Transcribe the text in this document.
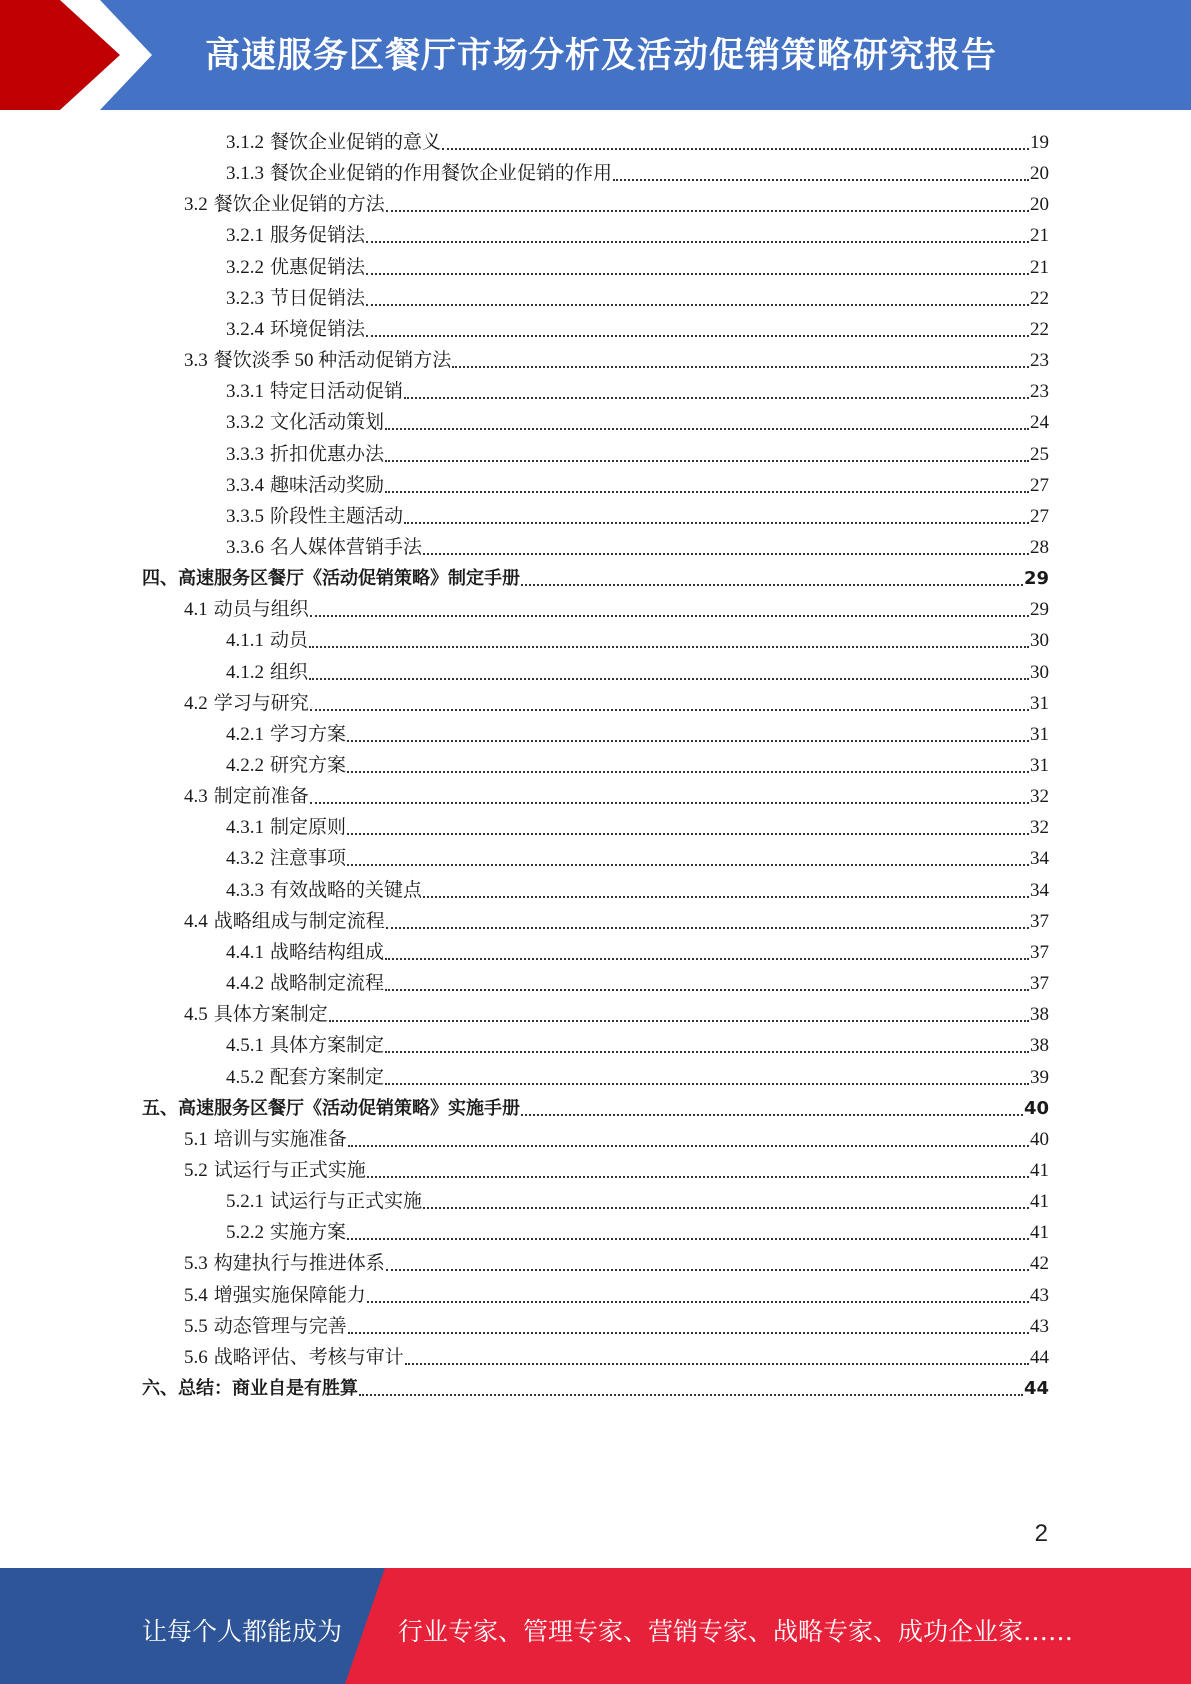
高速服务区餐厅市场分析及活动促销策略研究报告
3.1.2 餐饮企业促销的意义	19
3.1.3 餐饮企业促销的作用餐饮企业促销的作用	20
3.2 餐饮企业促销的方法	20
3.2.1 服务促销法	21
3.2.2 优惠促销法	21
3.2.3 节日促销法	22
3.2.4 环境促销法	22
3.3 餐饮淡季 50 种活动促销方法	23
3.3.1 特定日活动促销	23
3.3.2 文化活动策划	24
3.3.3 折扣优惠办法	25
3.3.4 趣味活动奖励	27
3.3.5 阶段性主题活动	27
3.3.6 名人媒体营销手法	28
四、 高速服务区餐厅《活动促销策略》制定手册	29
4.1 动员与组织	29
4.1.1 动员	30
4.1.2 组织	30
4.2 学习与研究	31
4.2.1 学习方案	31
4.2.2 研究方案	31
4.3 制定前准备	32
4.3.1 制定原则	32
4.3.2 注意事项	34
4.3.3 有效战略的关键点	34
4.4 战略组成与制定流程	37
4.4.1 战略结构组成	37
4.4.2 战略制定流程	37
4.5 具体方案制定	38
4.5.1 具体方案制定	38
4.5.2 配套方案制定	39
五、 高速服务区餐厅《活动促销策略》实施手册	40
5.1 培训与实施准备	40
5.2 试运行与正式实施	41
5.2.1 试运行与正式实施	41
5.2.2 实施方案	41
5.3 构建执行与推进体系	42
5.4 增强实施保障能力	43
5.5 动态管理与完善	43
5.6 战略评估、考核与审计	44
六、 总结：商业自是有胜算	44
2
让每个人都能成为 行业专家、管理专家、营销专家、战略专家、成功企业家……
